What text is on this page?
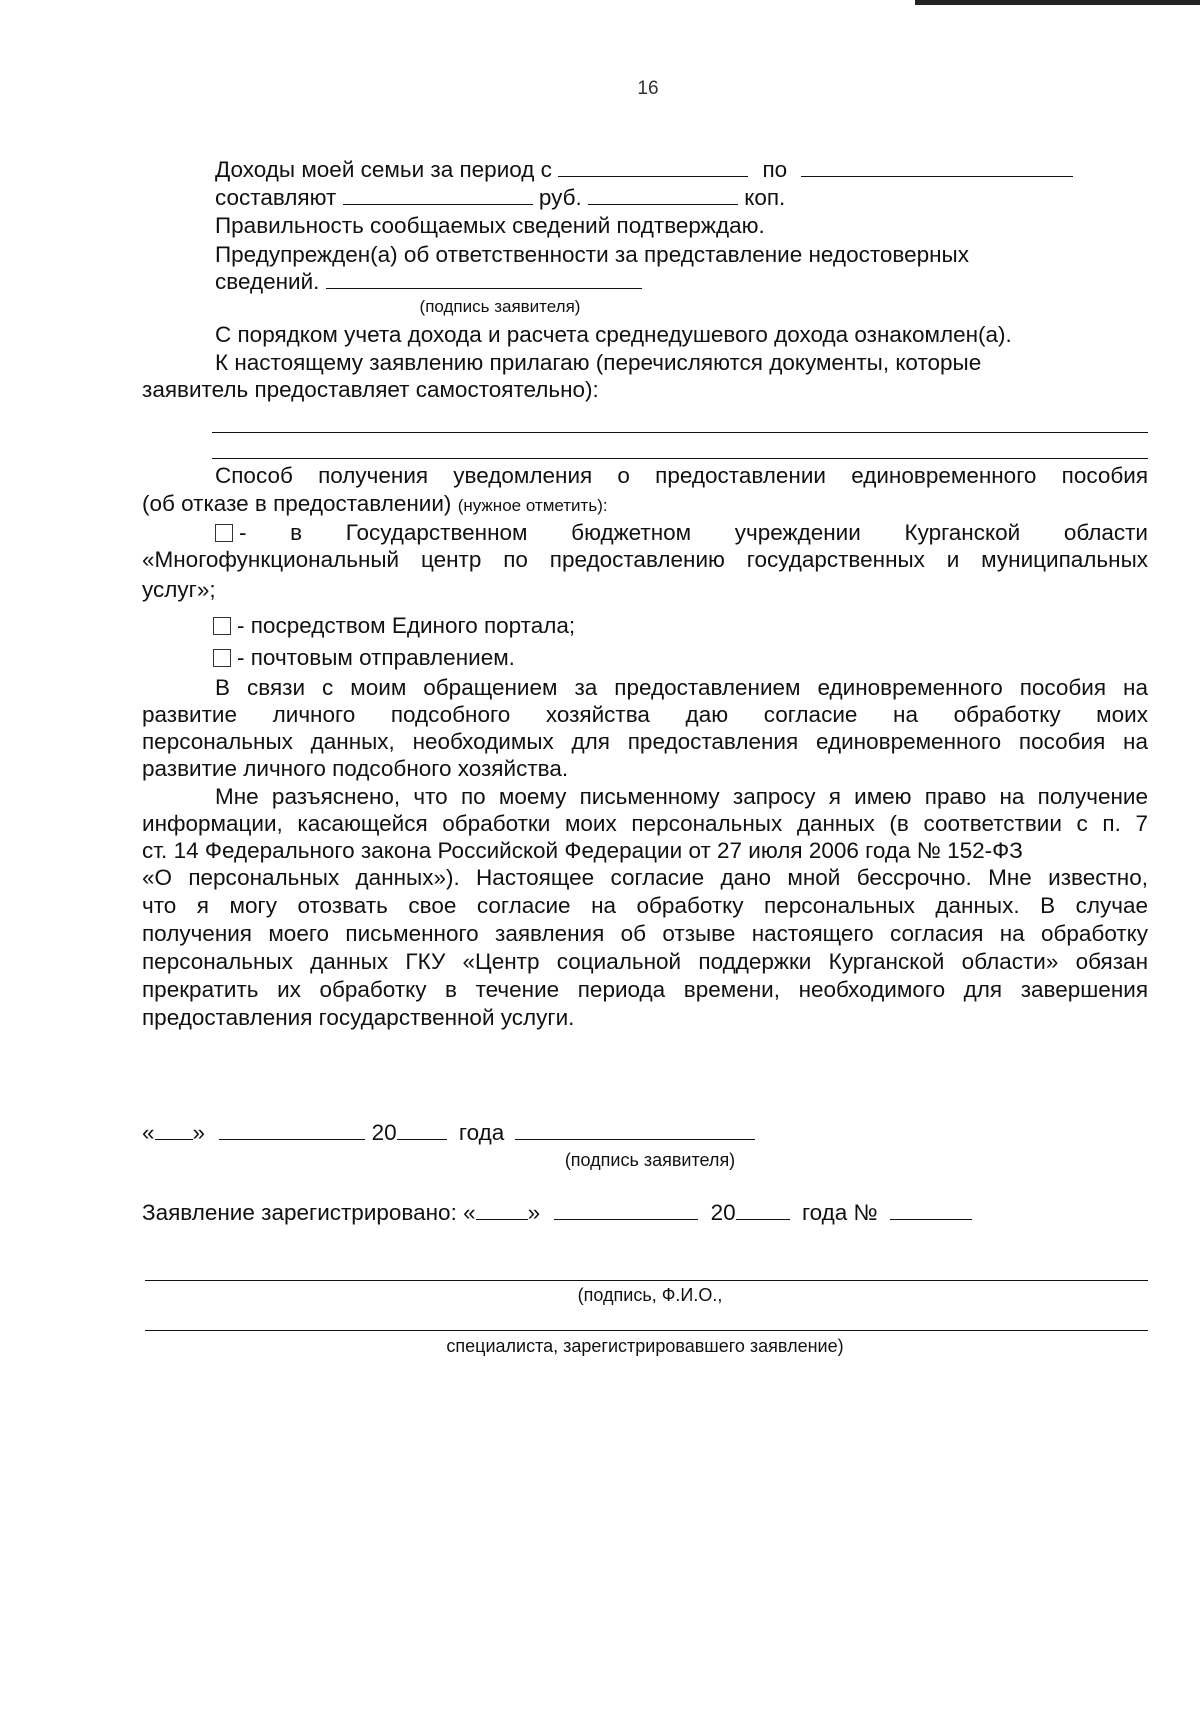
16
Доходы моей семьи за период с	по
составляют	руб.	коп.
Правильность сообщаемых сведений подтверждаю.
Предупрежден(а) об ответственности за представление недостоверных
сведений.
(подпись заявителя)
С порядком учета дохода и расчета среднедушевого дохода ознакомлен(а).
К настоящему заявлению прилагаю (перечисляются документы, которые
заявитель предоставляет самостоятельно):
Способ получения уведомления о предоставлении единовременного пособия
(об отказе в предоставлении) (нужное отметить):
- в Государственном бюджетном учреждении Курганской области
«Многофункциональный центр по предоставлению государственных и муниципальных
услуг»;
- посредством Единого портала;
- почтовым отправлением.
В связи с моим обращением за предоставлением единовременного пособия на
развитие личного подсобного хозяйства даю согласие на обработку моих
персональных данных, необходимых для предоставления единовременного пособия на
развитие личного подсобного хозяйства.
Мне разъяснено, что по моему письменному запросу я имею право на получение
информации, касающейся обработки моих персональных данных (в соответствии с п. 7
ст. 14 Федерального закона Российской Федерации от 27 июля 2006 года № 152-ФЗ
«О персональных данных»). Настоящее согласие дано мной бессрочно. Мне известно,
что я могу отозвать свое согласие на обработку персональных данных. В случае
получения моего письменного заявления об отзыве настоящего согласия на обработку
персональных данных ГКУ «Центр социальной поддержки Курганской области» обязан
прекратить их обработку в течение периода времени, необходимого для завершения
предоставления государственной услуги.
« »	20	года
(подпись заявителя)
Заявление зарегистрировано: « »	20	года №
(подпись, Ф.И.О.,
специалиста, зарегистрировавшего заявление)
